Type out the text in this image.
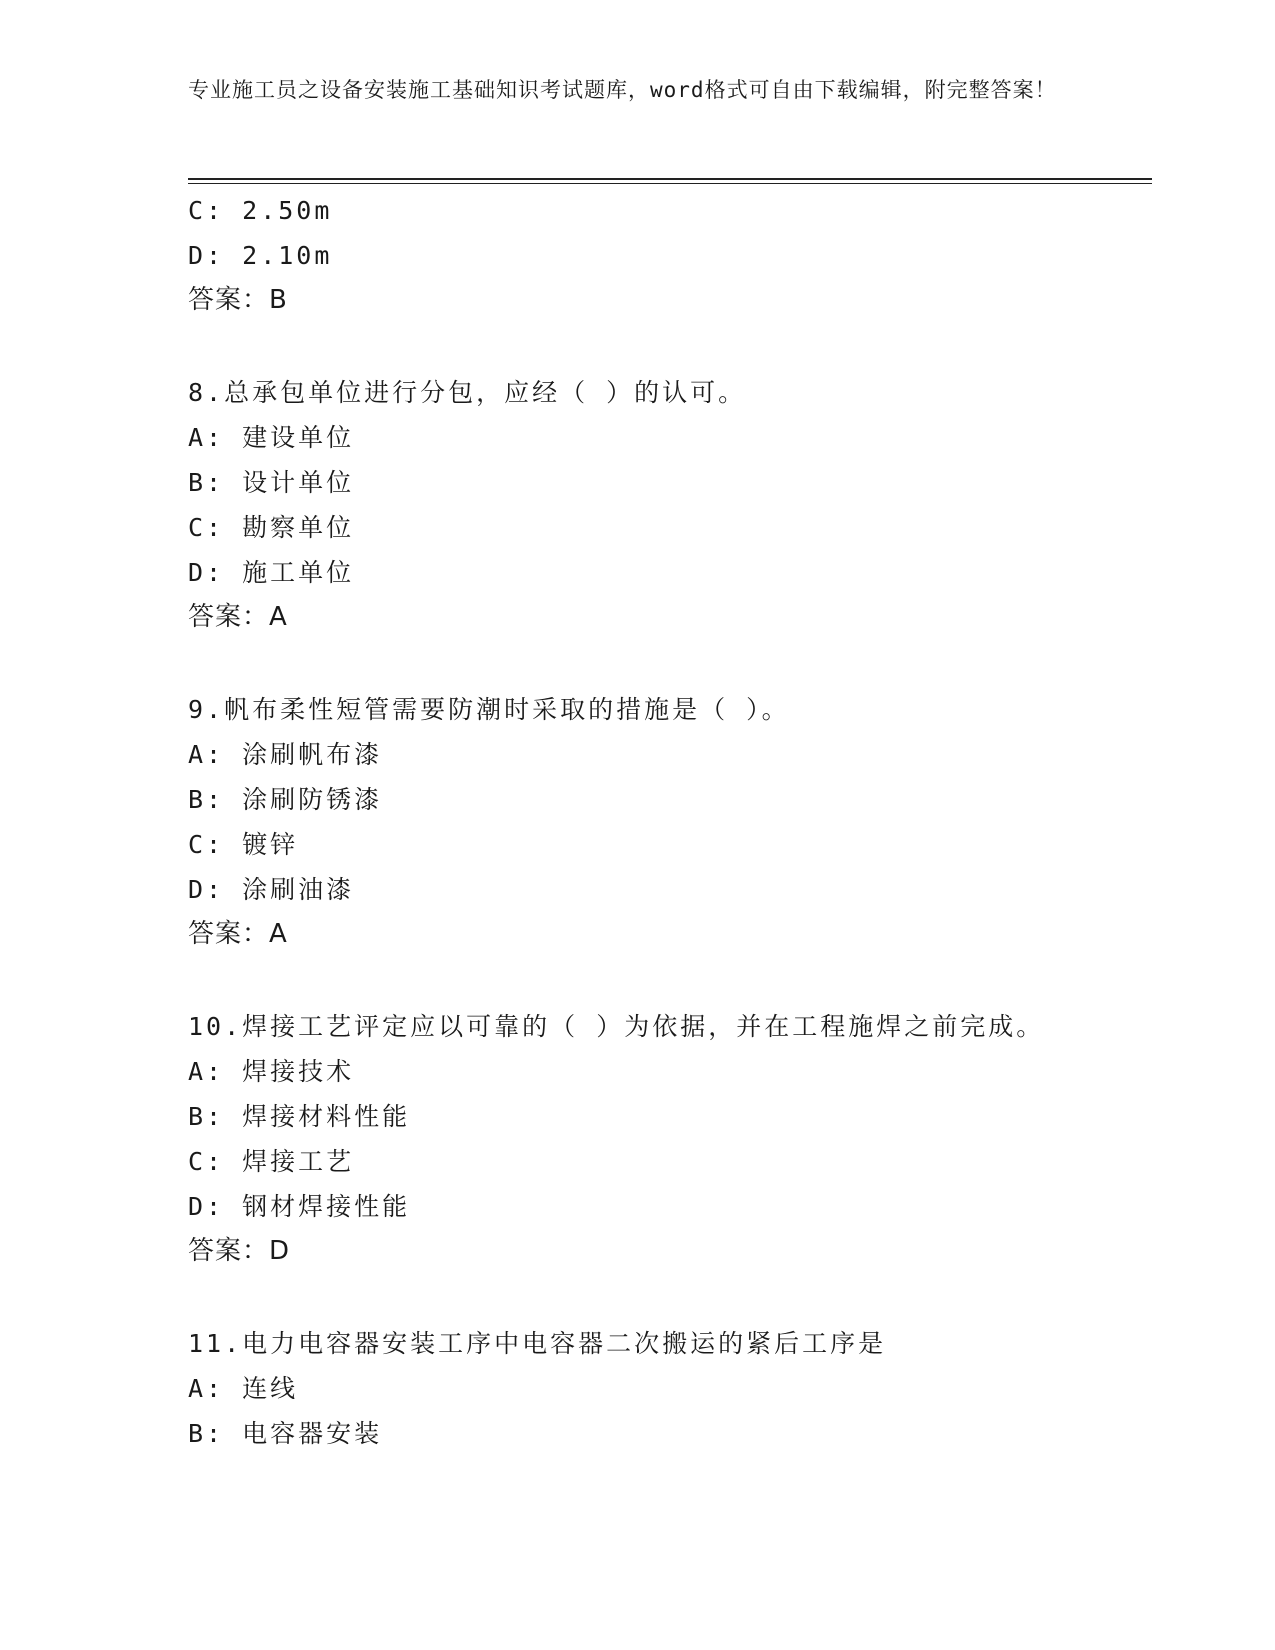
专业施工员之设备安装施工基础知识考试题库，word格式可自由下载编辑，附完整答案！
C: 2.50m
D: 2.10m
答案：B
8.总承包单位进行分包，应经（ ）的认可。
A: 建设单位
B: 设计单位
C: 勘察单位
D: 施工单位
答案：A
9.帆布柔性短管需要防潮时采取的措施是（ ）。
A: 涂刷帆布漆
B: 涂刷防锈漆
C: 镀锌
D: 涂刷油漆
答案：A
10.焊接工艺评定应以可靠的（ ）为依据，并在工程施焊之前完成。
A: 焊接技术
B: 焊接材料性能
C: 焊接工艺
D: 钢材焊接性能
答案：D
11.电力电容器安装工序中电容器二次搬运的紧后工序是
A: 连线
B: 电容器安装
